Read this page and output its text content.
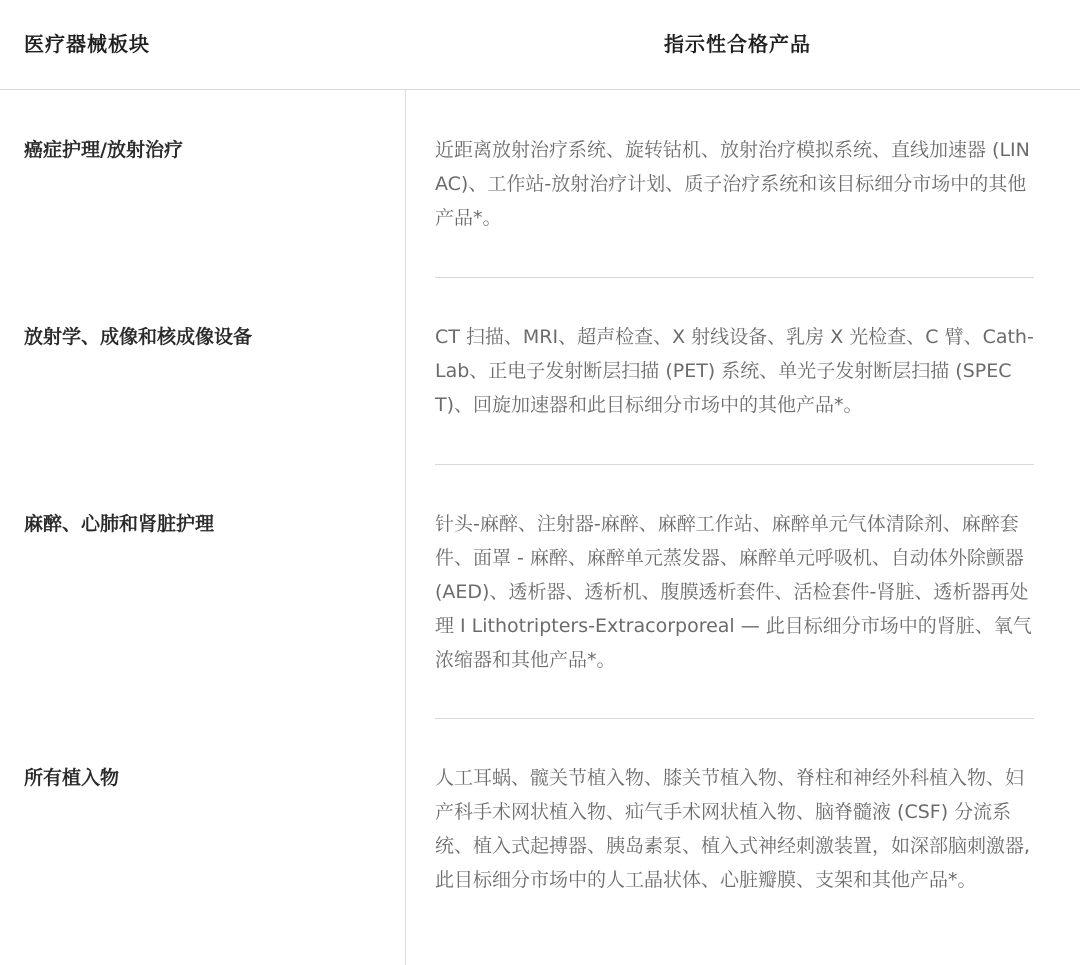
医疗器械板块	指示性合格产品
癌症护理/放射治疗	近距离放射治疗系统、旋转钴机、放射治疗模拟系统、直线加速器 (LINAC)、工作站-放射治疗计划、质子治疗系统和该目标细分市场中的其他产品*。
放射学、成像和核成像设备	CT 扫描、MRI、超声检查、X 射线设备、乳房 X 光检查、C 臂、Cath-Lab、正电子发射断层扫描 (PET) 系统、单光子发射断层扫描 (SPECT)、回旋加速器和此目标细分市场中的其他产品*。
麻醉、心肺和肾脏护理	针头-麻醉、注射器-麻醉、麻醉工作站、麻醉单元气体清除剂、麻醉套件、面罩 - 麻醉、麻醉单元蒸发器、麻醉单元呼吸机、自动体外除颤器 (AED)、透析器、透析机、腹膜透析套件、活检套件-肾脏、透析器再处理 I Lithotripters-Extracorporeal — 此目标细分市场中的肾脏、氧气浓缩器和其他产品*。
所有植入物	人工耳蜗、髋关节植入物、膝关节植入物、脊柱和神经外科植入物、妇产科手术网状植入物、疝气手术网状植入物、脑脊髓液 (CSF) 分流系统、植入式起搏器、胰岛素泵、植入式神经刺激装置，如深部脑刺激器, 此目标细分市场中的人工晶状体、心脏瓣膜、支架和其他产品*。
